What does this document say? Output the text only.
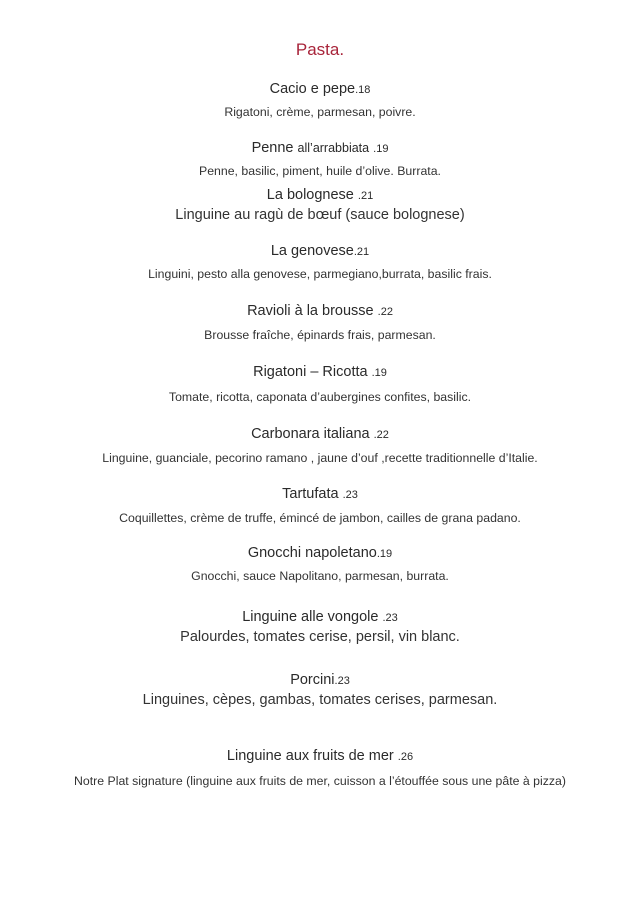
Pasta.
Cacio e pepe.18
Rigatoni, crème, parmesan, poivre.
Penne all’arrabbiata .19
Penne, basilic, piment, huile d’olive. Burrata.
La bolognese .21
Linguine au ragù de bœuf (sauce bolognese)
La genovese.21
Linguini, pesto alla genovese, parmegiano,burrata, basilic frais.
Ravioli à la brousse .22
Brousse fraîche, épinards frais, parmesan.
Rigatoni – Ricotta .19
Tomate, ricotta, caponata d’aubergines confites, basilic.
Carbonara italiana .22
Linguine, guanciale, pecorino ramano , jaune d’ouf ,recette traditionnelle d’Italie.
Tartufata .23
Coquillettes, crème de truffe, émincé de jambon, cailles de grana padano.
Gnocchi napoletano.19
Gnocchi, sauce Napolitano, parmesan, burrata.
Linguine alle vongole .23
Palourdes, tomates cerise, persil, vin blanc.
Porcini.23
Linguines, cèpes, gambas, tomates cerises, parmesan.
Linguine aux fruits de mer .26
Notre Plat signature (linguine aux fruits de mer, cuisson a l’étouffée sous une pâte à pizza)
